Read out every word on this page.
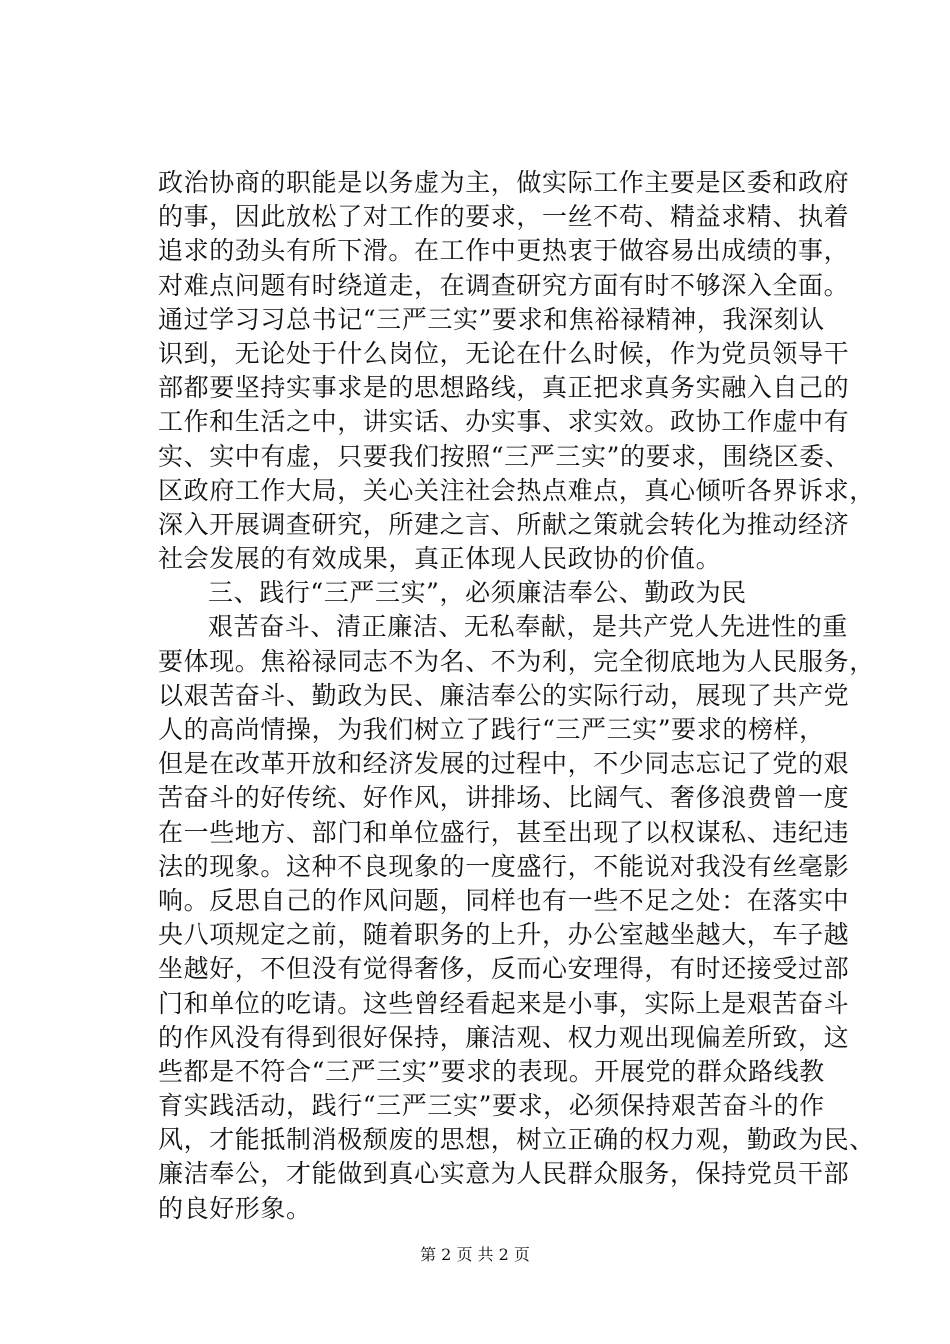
政治协商的职能是以务虚为主，做实际工作主要是区委和政府
的事，因此放松了对工作的要求，一丝不苟、精益求精、执着
追求的劲头有所下滑。在工作中更热衷于做容易出成绩的事，
对难点问题有时绕道走，在调查研究方面有时不够深入全面。
通过学习习总书记“三严三实”要求和焦裕禄精神，我深刻认
识到，无论处于什么岗位，无论在什么时候，作为党员领导干
部都要坚持实事求是的思想路线，真正把求真务实融入自己的
工作和生活之中，讲实话、办实事、求实效。政协工作虚中有
实、实中有虚，只要我们按照“三严三实”的要求，围绕区委、
区政府工作大局，关心关注社会热点难点，真心倾听各界诉求，
深入开展调查研究，所建之言、所献之策就会转化为推动经济
社会发展的有效成果，真正体现人民政协的价值。
三、践行“三严三实”，必须廉洁奉公、勤政为民
艰苦奋斗、清正廉洁、无私奉献，是共产党人先进性的重
要体现。焦裕禄同志不为名、不为利，完全彻底地为人民服务，
以艰苦奋斗、勤政为民、廉洁奉公的实际行动，展现了共产党
人的高尚情操，为我们树立了践行“三严三实”要求的榜样，
但是在改革开放和经济发展的过程中，不少同志忘记了党的艰
苦奋斗的好传统、好作风，讲排场、比阔气、奢侈浪费曾一度
在一些地方、部门和单位盛行，甚至出现了以权谋私、违纪违
法的现象。这种不良现象的一度盛行，不能说对我没有丝毫影
响。反思自己的作风问题，同样也有一些不足之处：在落实中
央八项规定之前，随着职务的上升，办公室越坐越大，车子越
坐越好，不但没有觉得奢侈，反而心安理得，有时还接受过部
门和单位的吃请。这些曾经看起来是小事，实际上是艰苦奋斗
的作风没有得到很好保持，廉洁观、权力观出现偏差所致，这
些都是不符合“三严三实”要求的表现。开展党的群众路线教
育实践活动，践行“三严三实”要求，必须保持艰苦奋斗的作
风，才能抵制消极颓废的思想，树立正确的权力观，勤政为民、
廉洁奉公，才能做到真心实意为人民群众服务，保持党员干部
的良好形象。
第 2 页 共 2 页
